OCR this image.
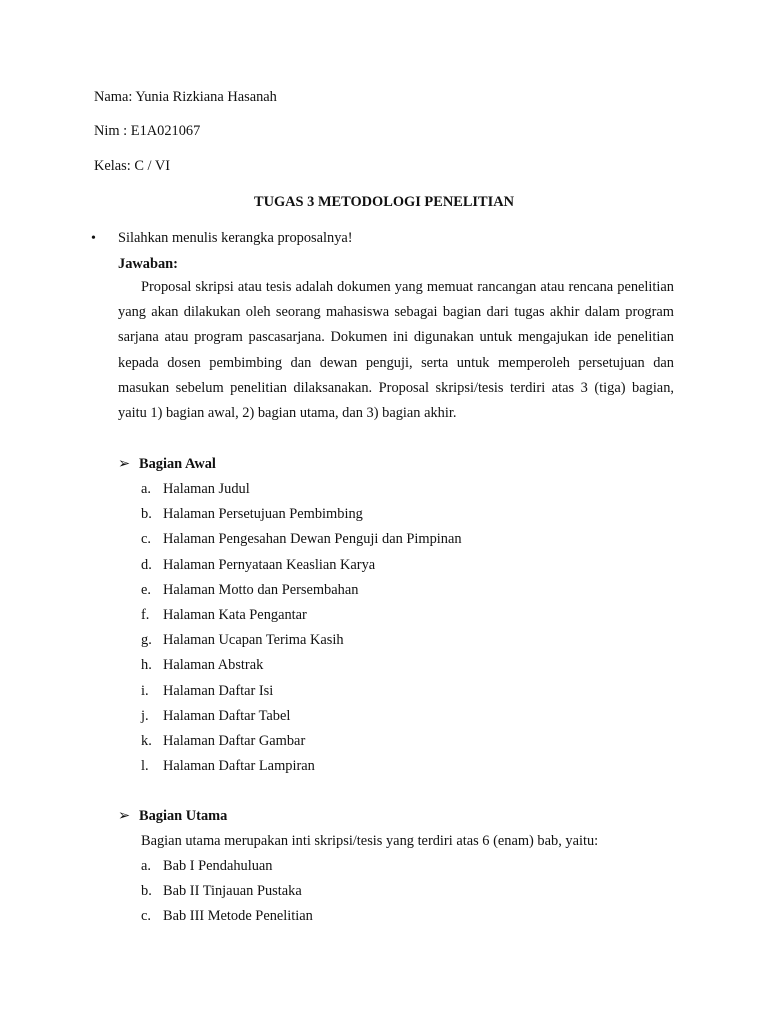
Nama: Yunia Rizkiana Hasanah
Nim : E1A021067
Kelas: C / VI
TUGAS 3 METODOLOGI PENELITIAN
• Silahkan menulis kerangka proposalnya!
Jawaban:
Proposal skripsi atau tesis adalah dokumen yang memuat rancangan atau rencana penelitian yang akan dilakukan oleh seorang mahasiswa sebagai bagian dari tugas akhir dalam program sarjana atau program pascasarjana. Dokumen ini digunakan untuk mengajukan ide penelitian kepada dosen pembimbing dan dewan penguji, serta untuk memperoleh persetujuan dan masukan sebelum penelitian dilaksanakan. Proposal skripsi/tesis terdiri atas 3 (tiga) bagian, yaitu 1) bagian awal, 2) bagian utama, dan 3) bagian akhir.
➢ Bagian Awal
a. Halaman Judul
b. Halaman Persetujuan Pembimbing
c. Halaman Pengesahan Dewan Penguji dan Pimpinan
d. Halaman Pernyataan Keaslian Karya
e. Halaman Motto dan Persembahan
f. Halaman Kata Pengantar
g. Halaman Ucapan Terima Kasih
h. Halaman Abstrak
i. Halaman Daftar Isi
j. Halaman Daftar Tabel
k. Halaman Daftar Gambar
l. Halaman Daftar Lampiran
➢ Bagian Utama
Bagian utama merupakan inti skripsi/tesis yang terdiri atas 6 (enam) bab, yaitu:
a. Bab I Pendahuluan
b. Bab II Tinjauan Pustaka
c. Bab III Metode Penelitian
